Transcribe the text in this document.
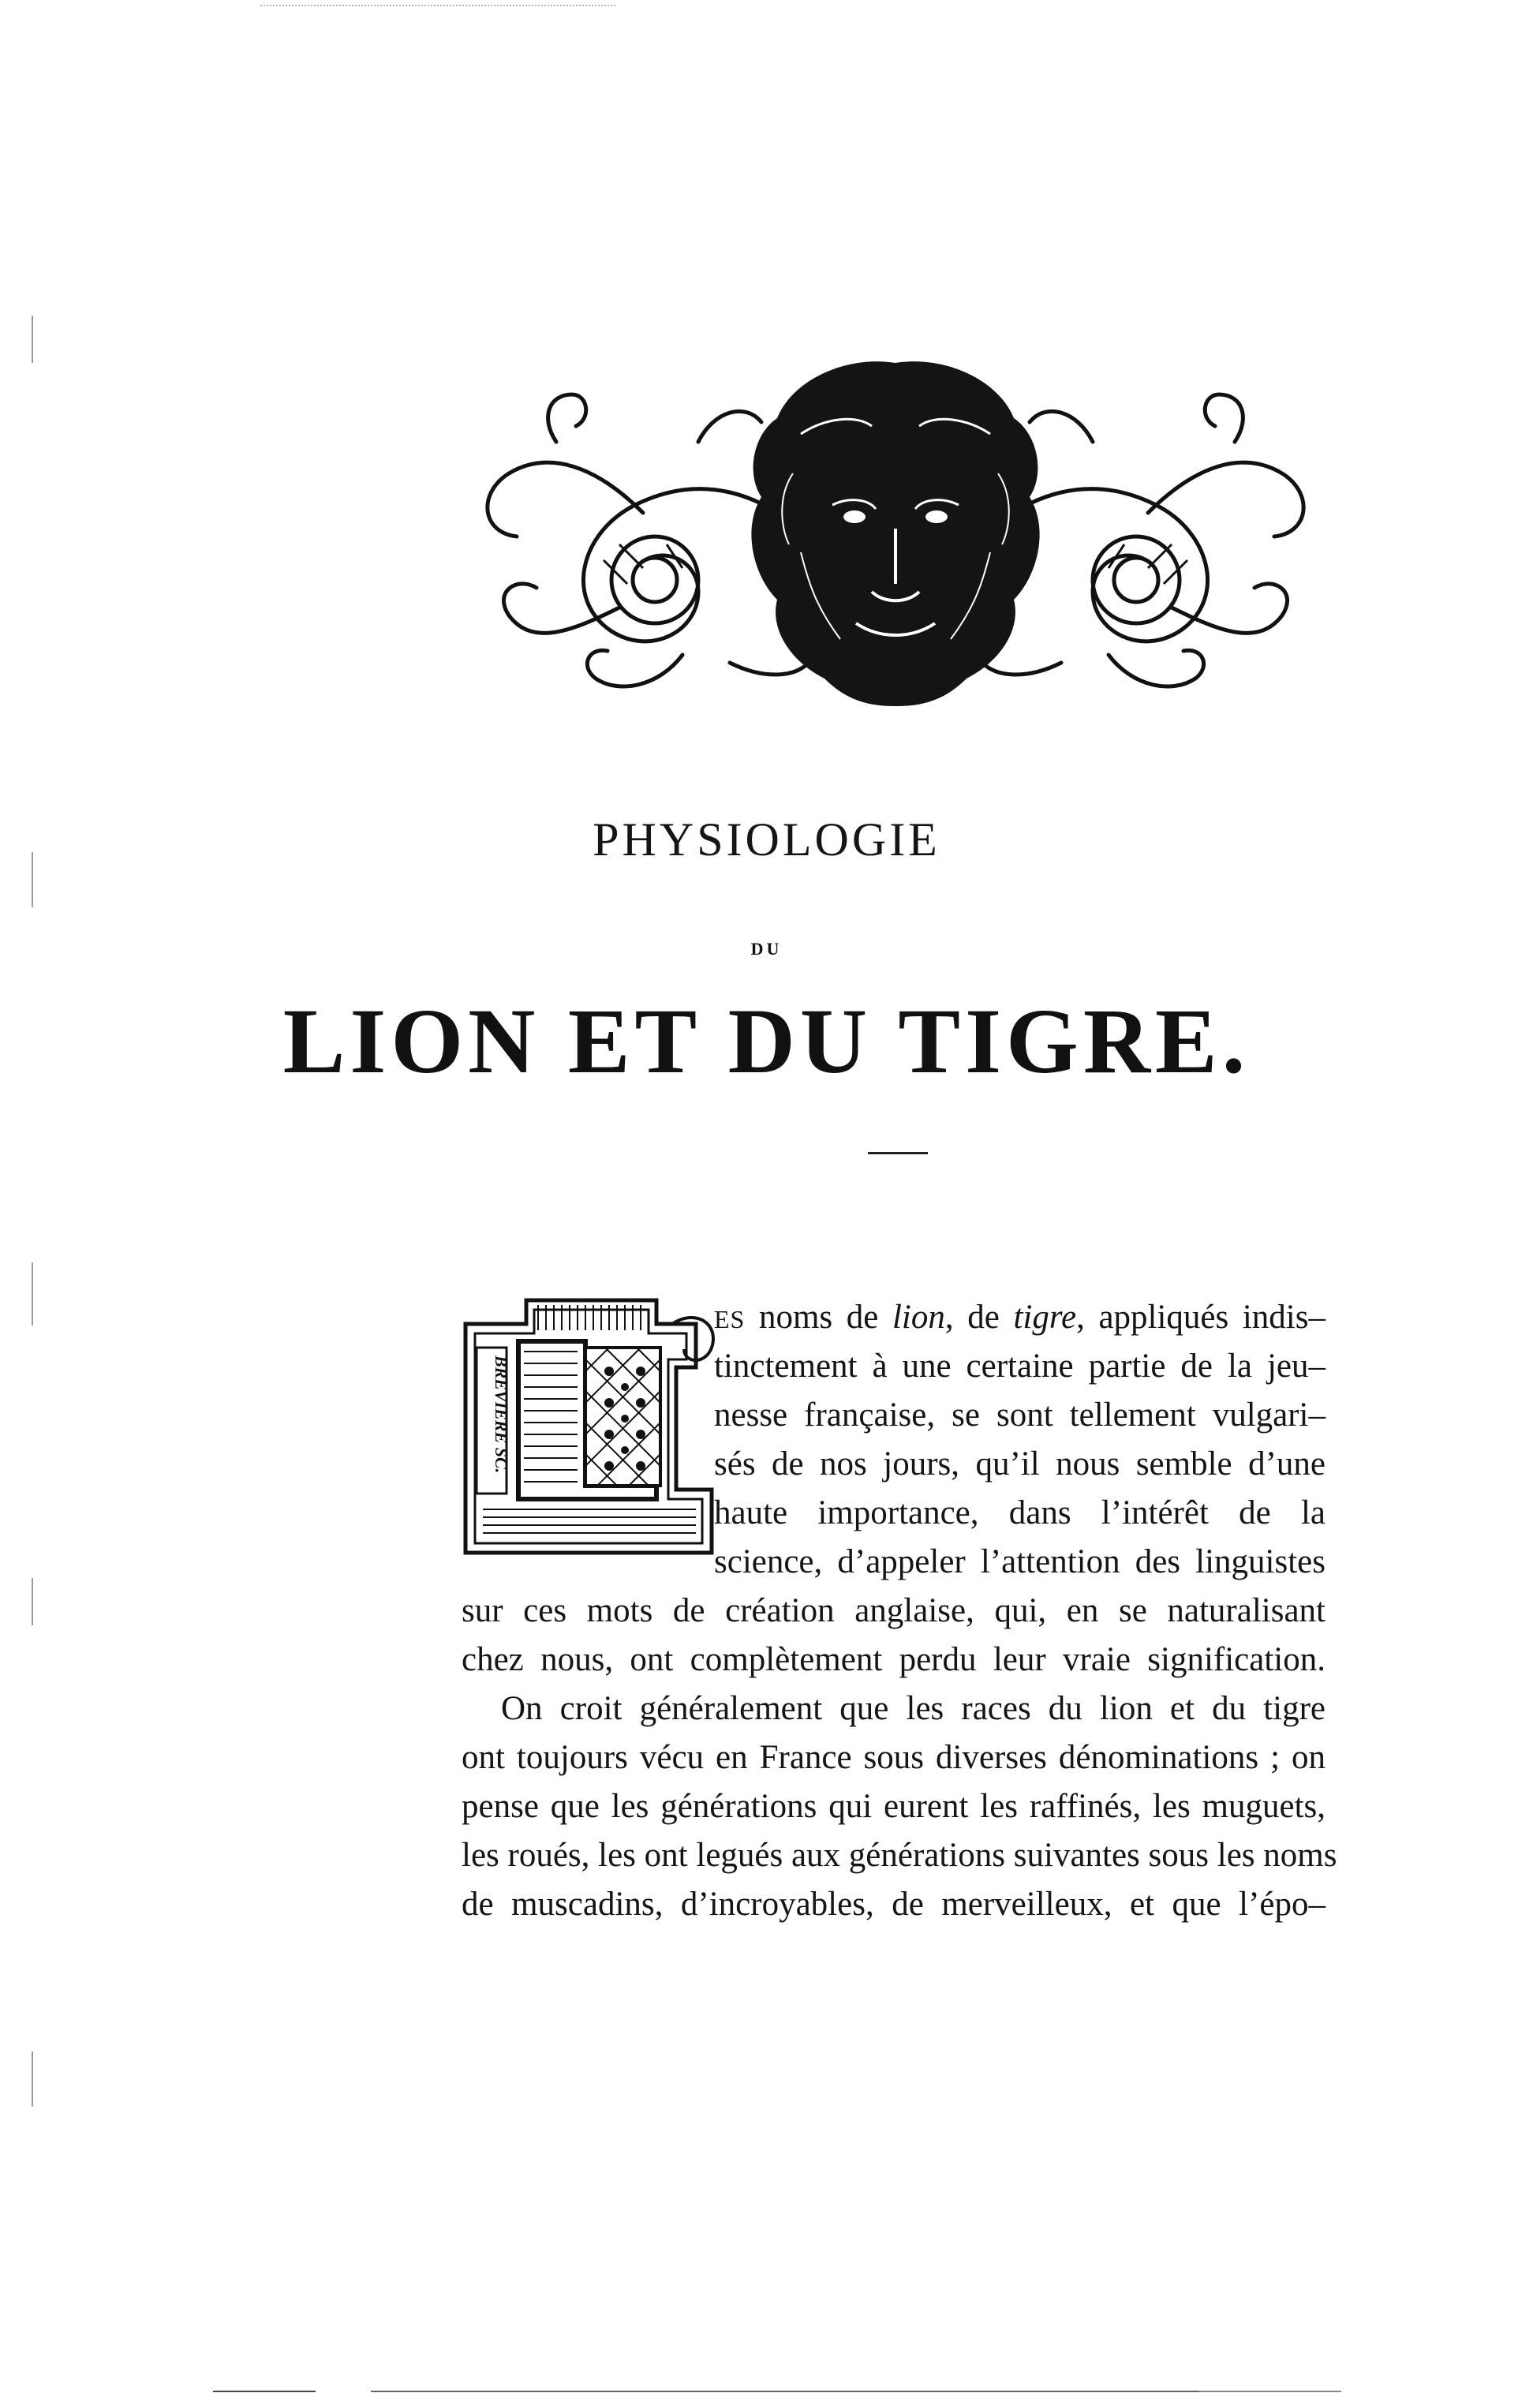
PHYSIOLOGIE
DU
LION ET DU TIGRE.
BREVIERE SC.
ES noms de lion, de tigre, appliqués indis–
tinctement à une certaine partie de la jeu–
nesse française, se sont tellement vulgari–
sés de nos jours, qu’il nous semble d’une
haute importance, dans l’intérêt de la
science, d’appeler l’attention des linguistes
sur ces mots de création anglaise, qui, en se naturalisant
chez nous, ont complètement perdu leur vraie signification.
On croit généralement que les races du lion et du tigre
ont toujours vécu en France sous diverses dénominations ; on
pense que les générations qui eurent les raffinés, les muguets,
les roués, les ont legués aux générations suivantes sous les noms
de muscadins, d’incroyables, de merveilleux, et que l’épo–
